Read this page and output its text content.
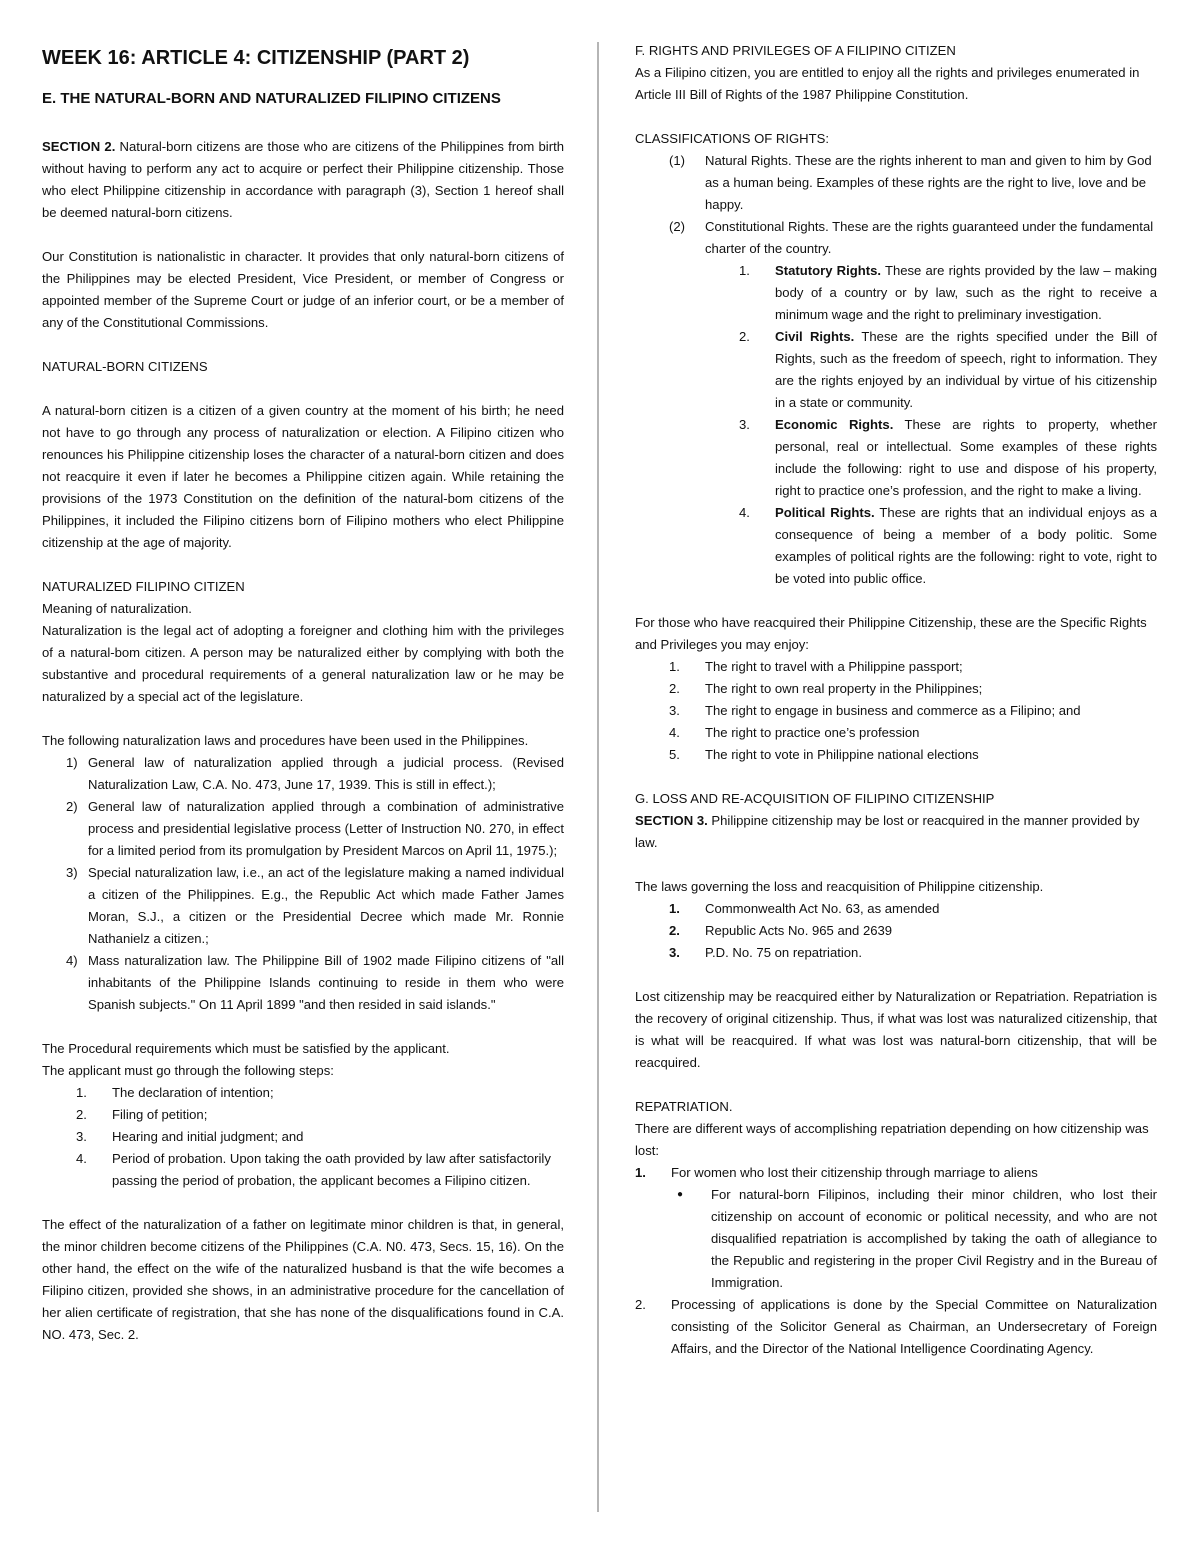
WEEK 16: ARTICLE 4: CITIZENSHIP (PART 2)
E. THE NATURAL-BORN AND NATURALIZED FILIPINO CITIZENS

SECTION 2. Natural-born citizens are those who are citizens of the Philippines from birth without having to perform any act to acquire or perfect their Philippine citizenship. Those who elect Philippine citizenship in accordance with paragraph (3), Section 1 hereof shall be deemed natural-born citizens.

Our Constitution is nationalistic in character. It provides that only natural-born citizens of the Philippines may be elected President, Vice President, or member of Congress or appointed member of the Supreme Court or judge of an inferior court, or be a member of any of the Constitutional Commissions.

NATURAL-BORN CITIZENS

A natural-born citizen is a citizen of a given country at the moment of his birth; he need not have to go through any process of naturalization or election. A Filipino citizen who renounces his Philippine citizenship loses the character of a natural-born citizen and does not reacquire it even if later he becomes a Philippine citizen again. While retaining the provisions of the 1973 Constitution on the definition of the natural-bom citizens of the Philippines, it included the Filipino citizens born of Filipino mothers who elect Philippine citizenship at the age of majority.

NATURALIZED FILIPINO CITIZEN

Meaning of naturalization.

Naturalization is the legal act of adopting a foreigner and clothing him with the privileges of a natural-bom citizen. A person may be naturalized either by complying with both the substantive and procedural requirements of a general naturalization law or he may be naturalized by a special act of the legislature.

The following naturalization laws and procedures have been used in the Philippines.

1) General law of naturalization applied through a judicial process. (Revised Naturalization Law, C.A. No. 473, June 17, 1939. This is still in effect.);
2) General law of naturalization applied through a combination of administrative process and presidential legislative process (Letter of Instruction N0. 270, in effect for a limited period from its promulgation by President Marcos on April 11, 1975.);
3) Special naturalization law, i.e., an act of the legislature making a named individual a citizen of the Philippines. E.g., the Republic Act which made Father James Moran, S.J., a citizen or the Presidential Decree which made Mr. Ronnie Nathanielz a citizen.;
4) Mass naturalization law. The Philippine Bill of 1902 made Filipino citizens of "all inhabitants of the Philippine Islands continuing to reside in them who were Spanish subjects." On 11 April 1899 "and then resided in said islands."

The Procedural requirements which must be satisfied by the applicant.

The applicant must go through the following steps:

1.	The declaration of intention;
2.	Filing of petition;
3.	Hearing and initial judgment; and
4.	Period of probation. Upon taking the oath provided by law after satisfactorily passing the period of probation, the applicant becomes a Filipino citizen.

The effect of the naturalization of a father on legitimate minor children is that, in general, the minor children become citizens of the Philippines (C.A. N0. 473, Secs. 15, 16). On the other hand, the effect on the wife of the naturalized husband is that the wife becomes a Filipino citizen, provided she shows, in an administrative procedure for the cancellation of her alien certificate of registration, that she has none of the disqualifications found in C.A. NO. 473, Sec. 2.

F. RIGHTS AND PRIVILEGES OF A FILIPINO CITIZEN

As a Filipino citizen, you are entitled to enjoy all the rights and privileges enumerated in Article III Bill of Rights of the 1987 Philippine Constitution.

CLASSIFICATIONS OF RIGHTS:

(1)	Natural Rights. These are the rights inherent to man and given to him by God as a human being. Examples of these rights are the right to live, love and be happy.
(2)	Constitutional Rights. These are the rights guaranteed under the fundamental charter of the country.
1.	Statutory Rights. These are rights provided by the law – making body of a country or by law, such as the right to receive a minimum wage and the right to preliminary investigation.
2.	Civil Rights. These are the rights specified under the Bill of Rights, such as the freedom of speech, right to information. They are the rights enjoyed by an individual by virtue of his citizenship in a state or community.
3.	Economic Rights. These are rights to property, whether personal, real or intellectual. Some examples of these rights include the following: right to use and dispose of his property, right to practice one’s profession, and the right to make a living.
4.	Political Rights. These are rights that an individual enjoys as a consequence of being a member of a body politic. Some examples of political rights are the following: right to vote, right to be voted into public office.

For those who have reacquired their Philippine Citizenship, these are the Specific Rights and Privileges you may enjoy:

1.	The right to travel with a Philippine passport;
2.	The right to own real property in the Philippines;
3.	The right to engage in business and commerce as a Filipino; and
4.	The right to practice one’s profession
5.	The right to vote in Philippine national elections

G. LOSS AND RE-ACQUISITION OF FILIPINO CITIZENSHIP

SECTION 3. Philippine citizenship may be lost or reacquired in the manner provided by law.

The laws governing the loss and reacquisition of Philippine citizenship.

1.	Commonwealth Act No. 63, as amended
2.	Republic Acts No. 965 and 2639
3.	P.D. No. 75 on repatriation.

Lost citizenship may be reacquired either by Naturalization or Repatriation. Repatriation is the recovery of original citizenship. Thus, if what was lost was naturalized citizenship, that is what will be reacquired. If what was lost was natural-born citizenship, that will be reacquired.

REPATRIATION.

There are different ways of accomplishing repatriation depending on how citizenship was lost:

1.	For women who lost their citizenship through marriage to aliens
●	For natural-born Filipinos, including their minor children, who lost their citizenship on account of economic or political necessity, and who are not disqualified repatriation is accomplished by taking the oath of allegiance to the Republic and registering in the proper Civil Registry and in the Bureau of Immigration.
2.	Processing of applications is done by the Special Committee on Naturalization consisting of the Solicitor General as Chairman, an Undersecretary of Foreign Affairs, and the Director of the National Intelligence Coordinating Agency.
